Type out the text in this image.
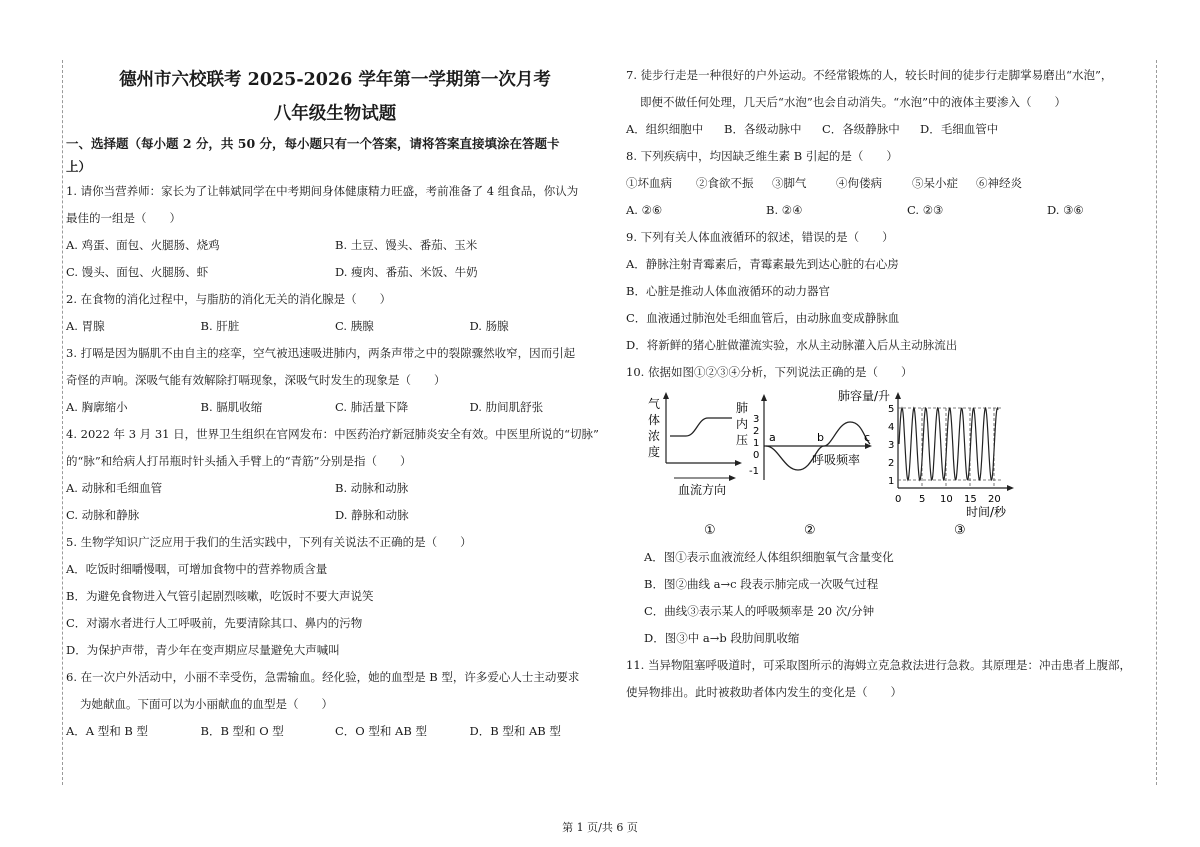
德州市六校联考 2025-2026 学年第一学期第一次月考
八年级生物试题
一、选择题（每小题 2 分，共 50 分，每小题只有一个答案，请将答案直接填涂在答题卡
上）
1. 请你当营养师：家长为了让韩斌同学在中考期间身体健康精力旺盛，考前准备了 4 组食品，你认为
最佳的一组是（　　）
A. 鸡蛋、面包、火腿肠、烧鸡	B. 土豆、馒头、番茄、玉米
C. 馒头、面包、火腿肠、虾	D. 瘦肉、番茄、米饭、牛奶
2. 在食物的消化过程中，与脂肪的消化无关的消化腺是（　　）
A. 胃腺	B. 肝脏	C. 胰腺	D. 肠腺
3. 打嗝是因为膈肌不由自主的痉挛，空气被迅速吸进肺内，两条声带之中的裂隙骤然收窄，因而引起
奇怪的声响。深吸气能有效解除打嗝现象，深吸气时发生的现象是（　　）
A. 胸廓缩小	B. 膈肌收缩	C. 肺活量下降	D. 肋间肌舒张
4. 2022 年 3 月 31 日，世界卫生组织在官网发布：中医药治疗新冠肺炎安全有效。中医里所说的“切脉”
的“脉”和给病人打吊瓶时针头插入手臂上的“青筋”分别是指（　　）
A. 动脉和毛细血管	B. 动脉和动脉
C. 动脉和静脉	D. 静脉和动脉
5. 生物学知识广泛应用于我们的生活实践中，下列有关说法不正确的是（　　）
A．吃饭时细嚼慢咽，可增加食物中的营养物质含量
B．为避免食物进入气管引起剧烈咳嗽，吃饭时不要大声说笑
C．对溺水者进行人工呼吸前，先要清除其口、鼻内的污物
D．为保护声带，青少年在变声期应尽量避免大声喊叫
6. 在一次户外活动中，小丽不幸受伤，急需输血。经化验，她的血型是 B 型，许多爱心人士主动要求
为她献血。下面可以为小丽献血的血型是（　　）
A．A 型和 B 型	B．B 型和 O 型	C．O 型和 AB 型	D．B 型和 AB 型
7. 徒步行走是一种很好的户外运动。不经常锻炼的人，较长时间的徒步行走脚掌易磨出“水泡”，
即便不做任何处理，几天后“水泡”也会自动消失。“水泡”中的液体主要渗入（　　）
A．组织细胞中	B．各级动脉中	C．各级静脉中	D．毛细血管中
8. 下列疾病中，均因缺乏维生素 B 引起的是（　　）
①坏血病	②食欲不振	③脚气	④佝偻病	⑤呆小症	⑥神经炎
A. ②⑥	B. ②④	C. ②③	D. ③⑥
9. 下列有关人体血液循环的叙述，错误的是（　　）
A．静脉注射青霉素后，青霉素最先到达心脏的右心房
B．心脏是推动人体血液循环的动力器官
C．血液通过肺泡处毛细血管后，由动脉血变成静脉血
D．将新鲜的猪心脏做灌流实验，水从主动脉灌入后从主动脉流出
10. 依据如图①②③④分析，下列说法正确的是（　　）
气
体
浓
度
血流方向
①
肺
内
压
3
2
1
0
-1
a	b	c
呼吸频率
②
肺容量/升
5
4
3
2
1
0 5 10 15 20
时间/秒
③
A．图①表示血液流经人体组织细胞氧气含量变化
B．图②曲线 a→c 段表示肺完成一次吸气过程
C．曲线③表示某人的呼吸频率是 20 次/分钟
D．图③中 a→b 段肋间肌收缩
11. 当异物阻塞呼吸道时，可采取图所示的海姆立克急救法进行急救。其原理是：冲击患者上腹部，
使异物排出。此时被救助者体内发生的变化是（　　）
第 1 页/共 6 页
